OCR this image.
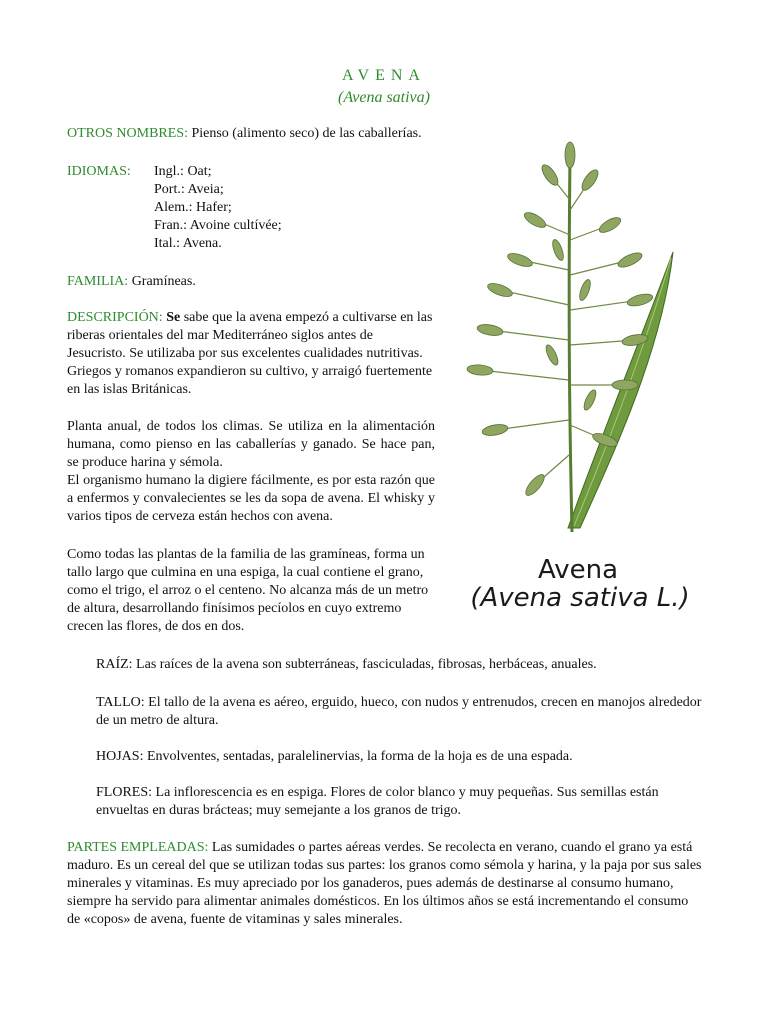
AVENA
(Avena sativa)
OTROS NOMBRES: Pienso (alimento seco) de las caballerías.
IDIOMAS: Ingl.: Oat;
Port.: Aveia;
Alem.: Hafer;
Fran.: Avoine cultívée;
Ital.: Avena.
FAMILIA: Gramíneas.
DESCRIPCIÓN: Se sabe que la avena empezó a cultivarse en las riberas orientales del mar Mediterráneo siglos antes de Jesucristo. Se utilizaba por sus excelentes cualidades nutritivas. Griegos y romanos expandieron su cultivo, y arraigó fuertemente en las islas Británicas.
Planta anual, de todos los climas. Se utiliza en la alimentación humana, como pienso en las caballerías y ganado. Se hace pan, se produce harina y sémola.
El organismo humano la digiere fácilmente, es por esta razón que a enfermos y convalecientes se les da sopa de avena. El whisky y varios tipos de cerveza están hechos con avena.
Como todas las plantas de la familia de las gramíneas, forma un tallo largo que culmina en una espiga, la cual contiene el grano, como el trigo, el arroz o el centeno. No alcanza más de un metro de altura, desarrollando finísimos pecíolos en cuyo extremo crecen las flores, de dos en dos.
Avena
(Avena sativa L.)
RAÍZ: Las raíces de la avena son subterráneas, fasciculadas, fibrosas, herbáceas, anuales.
TALLO: El tallo de la avena es aéreo, erguido, hueco, con nudos y entrenudos, crecen en manojos alrededor de un metro de altura.
HOJAS: Envolventes, sentadas, paralelinervias, la forma de la hoja es de una espada.
FLORES: La inflorescencia es en espiga. Flores de color blanco y muy pequeñas. Sus semillas están envueltas en duras brácteas; muy semejante a los granos de trigo.
PARTES EMPLEADAS: Las sumidades o partes aéreas verdes. Se recolecta en verano, cuando el grano ya está maduro. Es un cereal del que se utilizan todas sus partes: los granos como sémola y harina, y la paja por sus sales minerales y vitaminas. Es muy apreciado por los ganaderos, pues además de destinarse al consumo humano, siempre ha servido para alimentar animales domésticos. En los últimos años se está incrementando el consumo de «copos» de avena, fuente de vitaminas y sales minerales.
